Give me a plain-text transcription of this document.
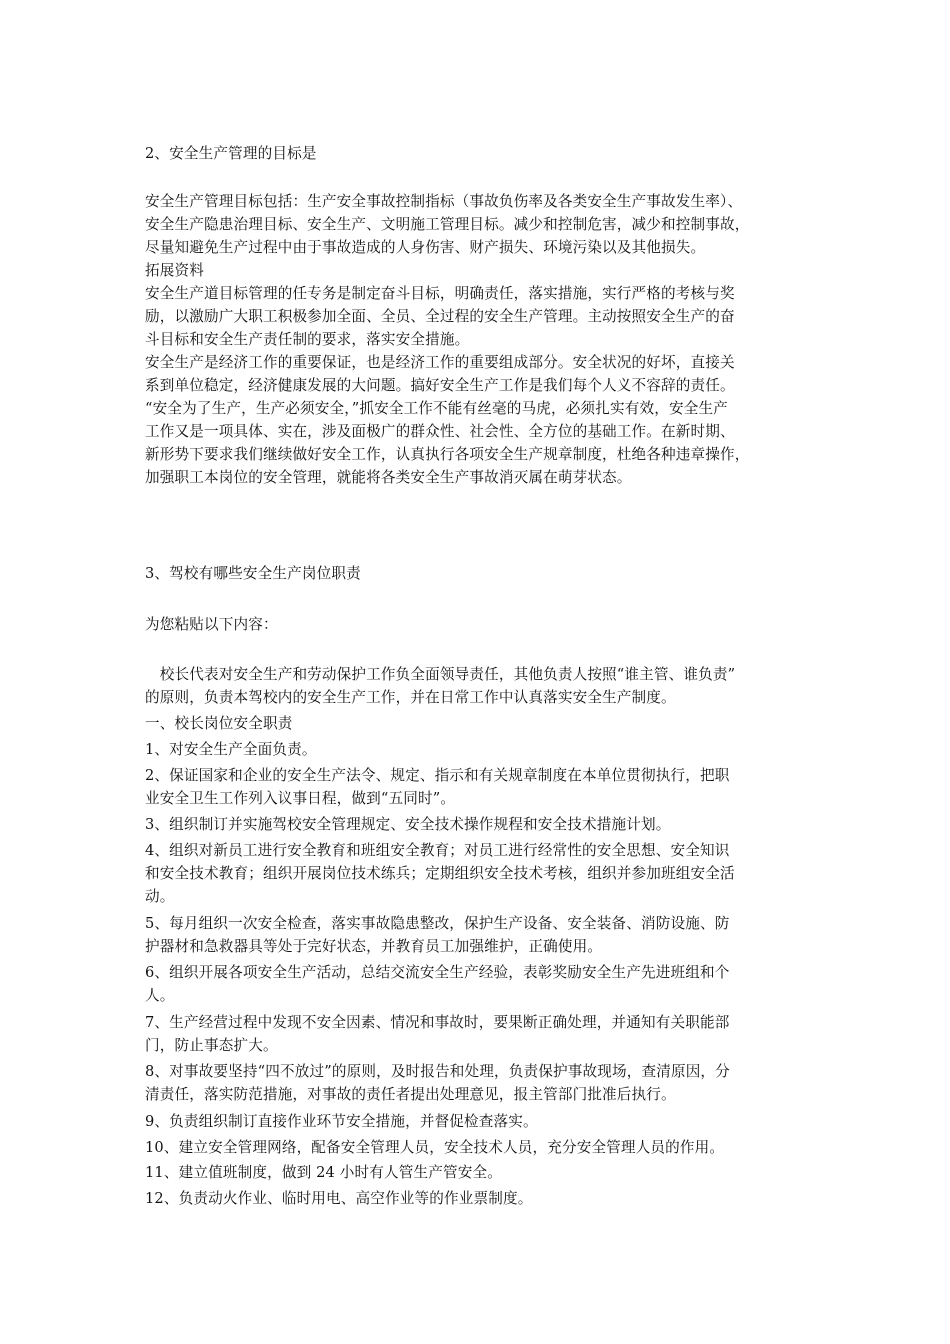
2、安全生产管理的目标是
安全生产管理目标包括：生产安全事故控制指标（事故负伤率及各类安全生产事故发生率）、
安全生产隐患治理目标、安全生产、文明施工管理目标。减少和控制危害，减少和控制事故，
尽量知避免生产过程中由于事故造成的人身伤害、财产损失、环境污染以及其他损失。
拓展资料
安全生产道目标管理的任专务是制定奋斗目标，明确责任，落实措施，实行严格的考核与奖
励，以激励广大职工积极参加全面、全员、全过程的安全生产管理。主动按照安全生产的奋
斗目标和安全生产责任制的要求，落实安全措施。
安全生产是经济工作的重要保证，也是经济工作的重要组成部分。安全状况的好坏，直接关
系到单位稳定，经济健康发展的大问题。搞好安全生产工作是我们每个人义不容辞的责任。
“安全为了生产，生产必须安全，”抓安全工作不能有丝毫的马虎，必须扎实有效，安全生产
工作又是一项具体、实在，涉及面极广的群众性、社会性、全方位的基础工作。在新时期、
新形势下要求我们继续做好安全工作，认真执行各项安全生产规章制度，杜绝各种违章操作，
加强职工本岗位的安全管理，就能将各类安全生产事故消灭属在萌芽状态。
3、驾校有哪些安全生产岗位职责
为您粘贴以下内容：
　校长代表对安全生产和劳动保护工作负全面领导责任，其他负责人按照“谁主管、谁负责”
的原则，负责本驾校内的安全生产工作，并在日常工作中认真落实安全生产制度。
一、校长岗位安全职责
1、对安全生产全面负责。
2、保证国家和企业的安全生产法令、规定、指示和有关规章制度在本单位贯彻执行，把职
业安全卫生工作列入议事日程，做到“五同时”。
3、组织制订并实施驾校安全管理规定、安全技术操作规程和安全技术措施计划。
4、组织对新员工进行安全教育和班组安全教育；对员工进行经常性的安全思想、安全知识
和安全技术教育；组织开展岗位技术练兵；定期组织安全技术考核，组织并参加班组安全活
动。
5、每月组织一次安全检查，落实事故隐患整改，保护生产设备、安全装备、消防设施、防
护器材和急救器具等处于完好状态，并教育员工加强维护，正确使用。
6、组织开展各项安全生产活动，总结交流安全生产经验，表彰奖励安全生产先进班组和个
人。
7、生产经营过程中发现不安全因素、情况和事故时，要果断正确处理，并通知有关职能部
门，防止事态扩大。
8、对事故要坚持“四不放过”的原则，及时报告和处理，负责保护事故现场，查清原因，分
清责任，落实防范措施，对事故的责任者提出处理意见，报主管部门批准后执行。
9、负责组织制订直接作业环节安全措施，并督促检查落实。
10、建立安全管理网络，配备安全管理人员，安全技术人员，充分安全管理人员的作用。
11、建立值班制度，做到 24 小时有人管生产管安全。
12、负责动火作业、临时用电、高空作业等的作业票制度。
